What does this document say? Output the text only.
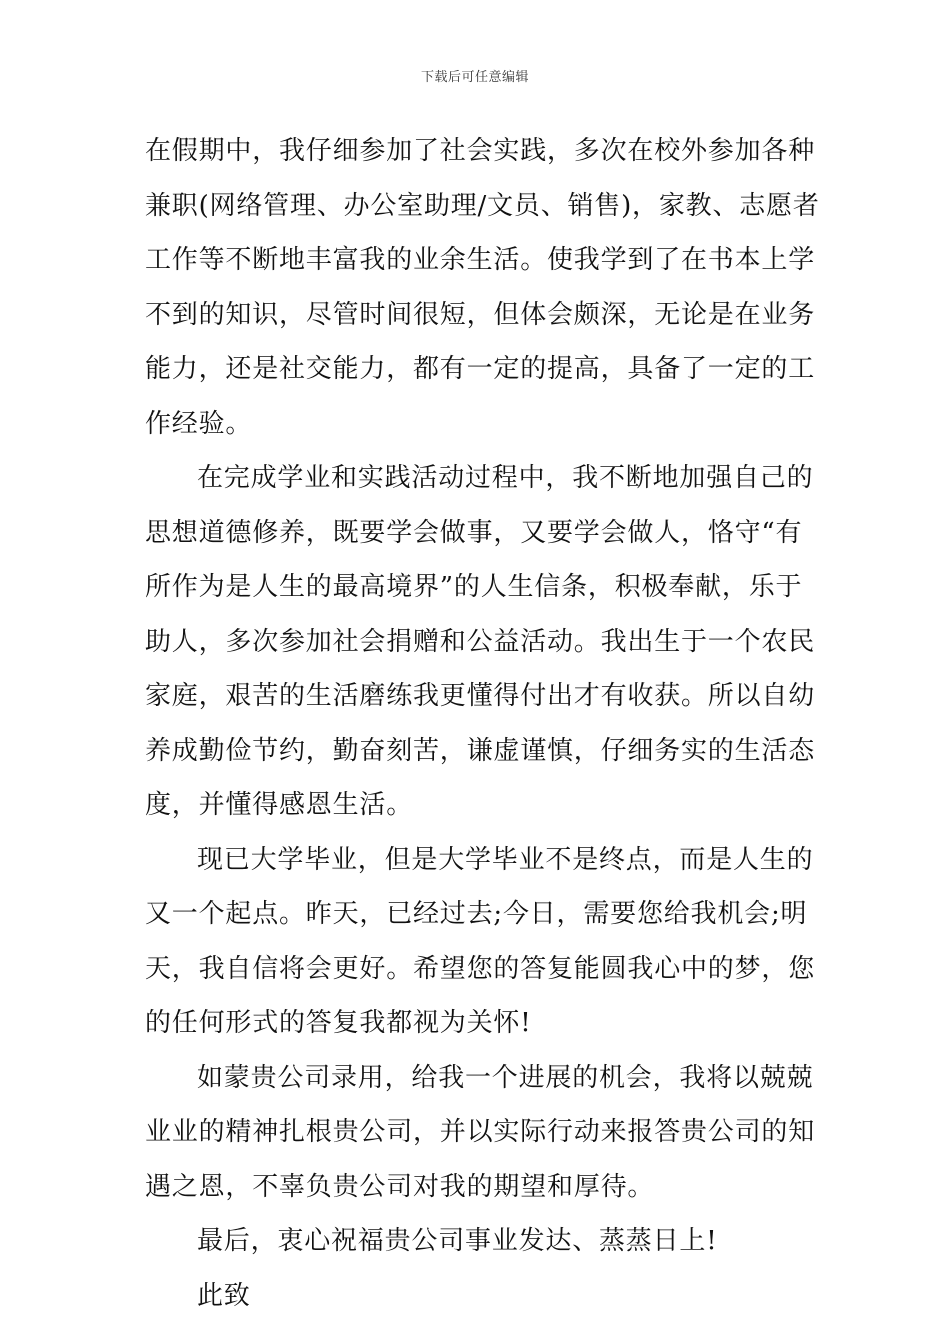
下载后可任意编辑
在假期中，我仔细参加了社会实践，多次在校外参加各种
兼职(网络管理、办公室助理/文员、销售)，家教、志愿者
工作等不断地丰富我的业余生活。使我学到了在书本上学
不到的知识，尽管时间很短，但体会颇深，无论是在业务
能力，还是社交能力，都有一定的提高，具备了一定的工
作经验。
在完成学业和实践活动过程中，我不断地加强自己的
思想道德修养，既要学会做事，又要学会做人，恪守“有
所作为是人生的最高境界”的人生信条，积极奉献，乐于
助人，多次参加社会捐赠和公益活动。我出生于一个农民
家庭，艰苦的生活磨练我更懂得付出才有收获。所以自幼
养成勤俭节约，勤奋刻苦，谦虚谨慎，仔细务实的生活态
度，并懂得感恩生活。
现已大学毕业，但是大学毕业不是终点，而是人生的
又一个起点。昨天，已经过去;今日，需要您给我机会;明
天，我自信将会更好。希望您的答复能圆我心中的梦，您
的任何形式的答复我都视为关怀!
如蒙贵公司录用，给我一个进展的机会，我将以兢兢
业业的精神扎根贵公司，并以实际行动来报答贵公司的知
遇之恩，不辜负贵公司对我的期望和厚待。
最后，衷心祝福贵公司事业发达、蒸蒸日上!
此致
